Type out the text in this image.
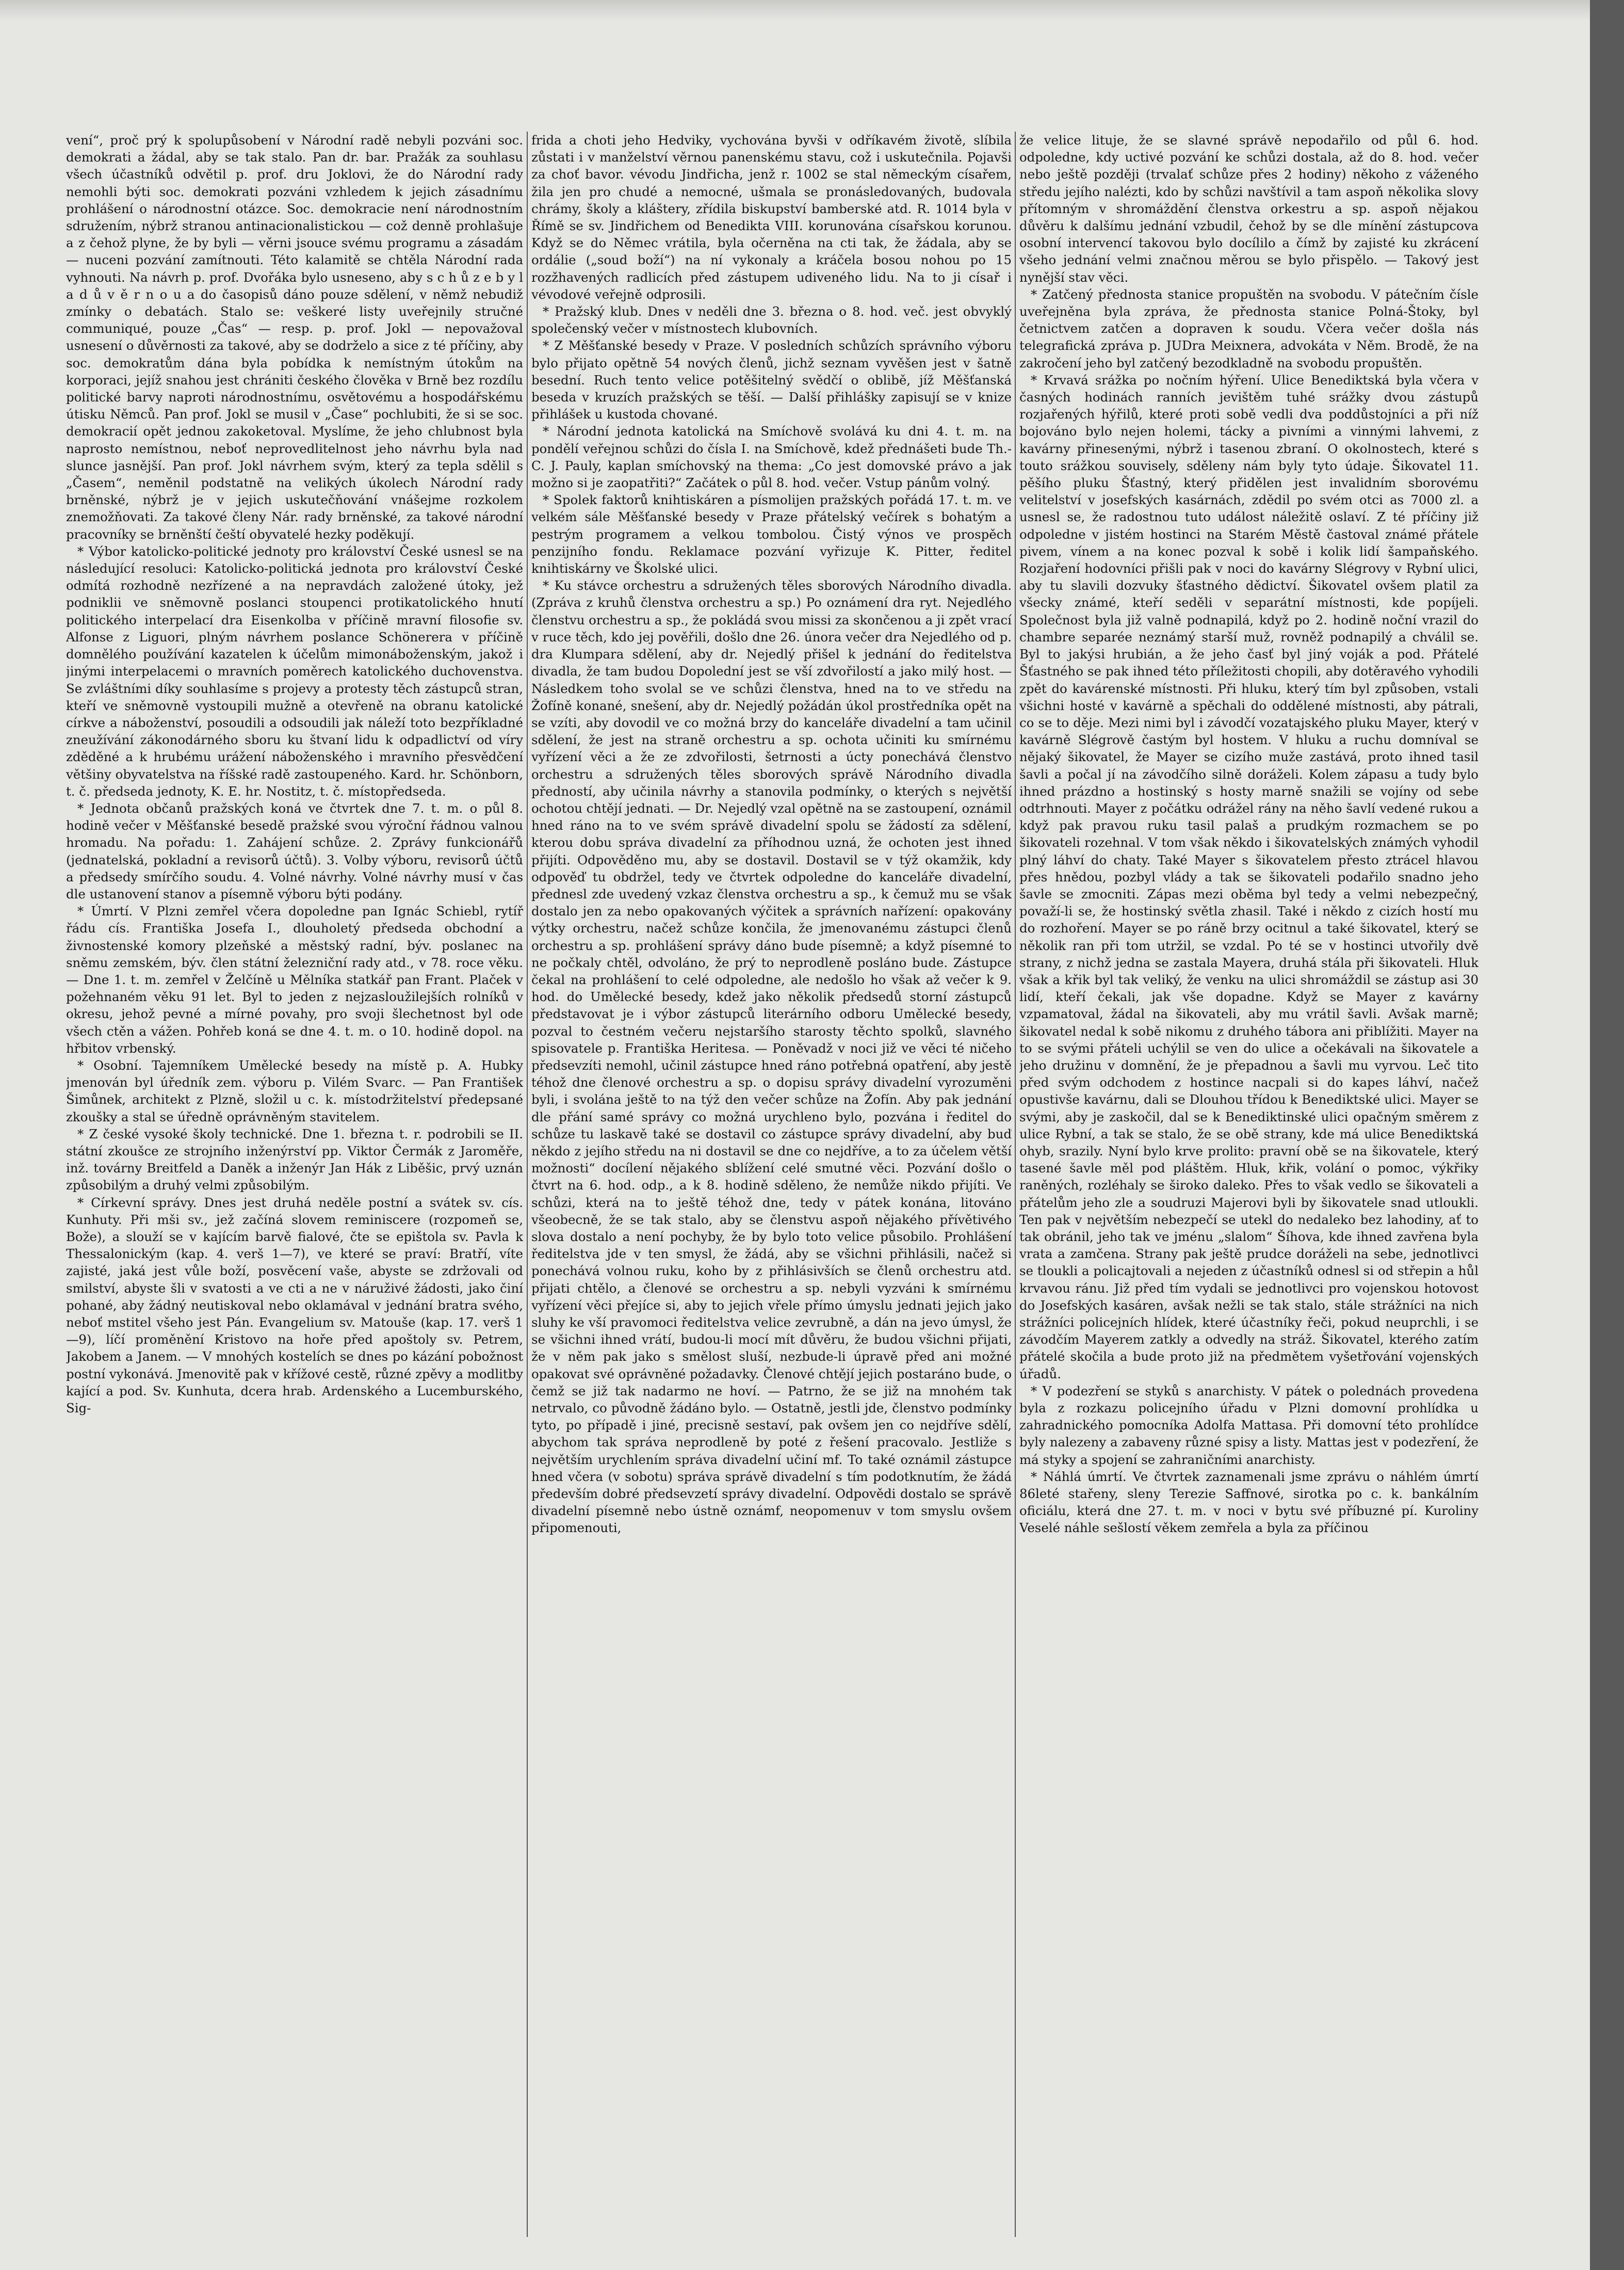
vení“, proč prý k spolupůsobení v Národní radě nebyli pozváni soc. demokrati a žádal, aby se tak stalo. Pan dr. bar. Pražák za souhlasu všech účastníků odvětil p. prof. dru Joklovi, že do Národní rady nemohli býti soc. demokrati pozváni vzhledem k jejich zásadnímu prohlášení o národnostní otázce. Soc. demokracie není národnostním sdružením, nýbrž stranou antinacionalistickou — což denně prohlašuje a z čehož plyne, že by byli — věrni jsouce svému programu a zásadám — nuceni pozvání zamítnouti. Této kalamitě se chtěla Národní rada vyhnouti. Na návrh p. prof. Dvořáka bylo usneseno, aby s c h ů z e b y l a d ů v ě r n o u a do časopisů dáno pouze sdělení, v němž nebudiž zmínky o debatách. Stalo se: veškeré listy uveřejnily stručné communiqué, pouze „Čas“ — resp. p. prof. Jokl — nepovažoval usnesení o důvěrnosti za takové, aby se dodrželo a sice z té příčiny, aby soc. demokratům dána byla pobídka k nemístným útokům na korporaci, jejíž snahou jest chrániti českého člověka v Brně bez rozdílu politické barvy naproti národnostnímu, osvětovému a hospodářskému útisku Němců. Pan prof. Jokl se musil v „Čase“ pochlubiti, že si se soc. demokracií opět jednou zakoketoval. Myslíme, že jeho chlubnost byla naprosto nemístnou, neboť neprovedlitelnost jeho návrhu byla nad slunce jasnější. Pan prof. Jokl návrhem svým, který za tepla sdělil s „Časem“, neměnil podstatně na velikých úkolech Národní rady brněnské, nýbrž je v jejich uskutečňování vnášejme rozkolem znemožňovati. Za takové členy Nár. rady brněnské, za takové národní pracovníky se brněnští čeští obyvatelé hezky poděkují.

* Výbor katolicko-politické jednoty pro království České usnesl se na následující resoluci: Katolicko-politická jednota pro království České odmítá rozhodně nezřízené a na nepravdách založené útoky, jež podniklii ve sněmovně poslanci stoupenci protikatolického hnutí politického interpelací dra Eisenkolba v příčině mravní filosofie sv. Alfonse z Liguori, plným návrhem poslance Schönerera v příčině domnělého používání kazatelen k účelům mimonáboženským, jakož i jinými interpelacemi o mravních poměrech katolického duchovenstva. Se zvláštními díky souhlasíme s projevy a protesty těch zástupců stran, kteří ve sněmovně vystoupili mužně a otevřeně na obranu katolické církve a náboženství, posoudili a odsoudili jak náleží toto bezpříkladné zneužívání zákonodárného sboru ku štvaní lidu k odpadlictví od víry zděděné a k hrubému urážení náboženského i mravního přesvědčení většiny obyvatelstva na říšské radě zastoupeného. Kard. hr. Schönborn, t. č. předseda jednoty, K. E. hr. Nostitz, t. č. místopředseda.

* Jednota občanů pražských koná ve čtvrtek dne 7. t. m. o půl 8. hodině večer v Měšťanské besedě pražské svou výroční řádnou valnou hromadu. Na pořadu: 1. Zahájení schůze. 2. Zprávy funkcionářů (jednatelská, pokladní a revisorů účtů). 3. Volby výboru, revisorů účtů a předsedy smírčího soudu. 4. Volné návrhy. Volné návrhy musí v čas dle ustanovení stanov a písemně výboru býti podány.

* Úmrtí. V Plzni zemřel včera dopoledne pan Ignác Schiebl, rytíř řádu cís. Františka Josefa I., dlouholetý předseda obchodní a živnostenské komory plzeňské a městský radní, býv. poslanec na sněmu zemském, býv. člen státní železniční rady atd., v 78. roce věku. — Dne 1. t. m. zemřel v Želčíně u Mělníka statkář pan Frant. Plaček v požehnaném věku 91 let. Byl to jeden z nejzasloužilejších rolníků v okresu, jehož pevné a mírné povahy, pro svoji šlechetnost byl ode všech ctěn a vážen. Pohřeb koná se dne 4. t. m. o 10. hodině dopol. na hřbitov vrbenský.

* Osobní. Tajemníkem Umělecké besedy na místě p. A. Hubky jmenován byl úředník zem. výboru p. Vilém Svarc. — Pan František Šimůnek, architekt z Plzně, složil u c. k. místodržitelství předepsané zkoušky a stal se úředně oprávněným stavitelem.

* Z české vysoké školy technické. Dne 1. března t. r. podrobili se II. státní zkoušce ze strojního inženýrství pp. Viktor Čermák z Jaroměře, inž. továrny Breitfeld a Daněk a inženýr Jan Hák z Liběšic, prvý uznán způsobilým a druhý velmi způsobilým.

* Církevní správy. Dnes jest druhá neděle postní a svátek sv. cís. Kunhuty. Při mši sv., jež začíná slovem reminiscere (rozpomeň se, Bože), a slouží se v kajícím barvě fialové, čte se epištola sv. Pavla k Thessalonickým (kap. 4. verš 1—7), ve které se praví: Bratří, víte zajisté, jaká jest vůle boží, posvěcení vaše, abyste se zdržovali od smilství, abyste šli v svatosti a ve cti a ne v náruživé žádosti, jako činí pohané, aby žádný neutiskoval nebo oklamával v jednání bratra svého, neboť mstitel všeho jest Pán. Evangelium sv. Matouše (kap. 17. verš 1—9), líčí proměnění Kristovo na hoře před apoštoly sv. Petrem, Jakobem a Janem. — V mnohých kostelích se dnes po kázání pobožnost postní vykonává. Jmenovitě pak v křížové cestě, různé zpěvy a modlitby kající a pod. Sv. Kunhuta, dcera hrab. Ardenského a Lucemburského, Sig-

frida a choti jeho Hedviky, vychována byvši v odříkavém životě, slíbila zůstati i v manželství věrnou panenskému stavu, což i uskutečnila. Pojavši za choť bavor. vévodu Jindřicha, jenž r. 1002 se stal německým císařem, žila jen pro chudé a nemocné, ušmala se pronásledovaných, budovala chrámy, školy a kláštery, zřídila biskupství bamberské atd. R. 1014 byla v Římě se sv. Jindřichem od Benedikta VIII. korunována císařskou korunou. Když se do Němec vrátila, byla očerněna na cti tak, že žádala, aby se ordálie („soud boží“) na ní vykonaly a kráčela bosou nohou po 15 rozžhavených radlicích před zástupem udiveného lidu. Na to ji císař i vévodové veřejně odprosili.

* Pražský klub. Dnes v neděli dne 3. března o 8. hod. več. jest obvyklý společenský večer v místnostech klubovních.

* Z Měšťanské besedy v Praze. V posledních schůzích správního výboru bylo přijato opětně 54 nových členů, jichž seznam vyvěšen jest v šatně besední. Ruch tento velice potěšitelný svědčí o oblibě, jíž Měšťanská beseda v kruzích pražských se těší. — Další přihlášky zapisují se v knize přihlášek u kustoda chované.

* Národní jednota katolická na Smíchově svolává ku dni 4. t. m. na pondělí veřejnou schůzi do čísla I. na Smíchově, kdež přednášeti bude Th.-C. J. Pauly, kaplan smíchovský na thema: „Co jest domovské právo a jak možno si je zaopatřiti?“ Začátek o půl 8. hod. večer. Vstup pánům volný.

* Spolek faktorů knihtiskáren a písmolijen pražských pořádá 17. t. m. ve velkém sále Měšťanské besedy v Praze přátelský večírek s bohatým a pestrým programem a velkou tombolou. Čistý výnos ve prospěch penzijního fondu. Reklamace pozvání vyřizuje K. Pitter, ředitel knihtiskárny ve Školské ulici.

* Ku stávce orchestru a sdružených těles sborových Národního divadla. (Zpráva z kruhů členstva orchestru a sp.) Po oznámení dra ryt. Nejedlého členstvu orchestru a sp., že pokládá svou missi za skončenou a ji zpět vrací v ruce těch, kdo jej pověřili, došlo dne 26. února večer dra Nejedlého od p. dra Klumpara sdělení, aby dr. Nejedlý přišel k jednání do ředitelstva divadla, že tam budou Dopolední jest se vší zdvořilostí a jako milý host. — Následkem toho svolal se ve schůzi členstva, hned na to ve středu na Žofíně konané, snešení, aby dr. Nejedlý požádán úkol prostředníka opět na se vzíti, aby dovodil ve co možná brzy do kanceláře divadelní a tam učinil sdělení, že jest na straně orchestru a sp. ochota učiniti ku smírnému vyřízení věci a že ze zdvořilosti, šetrnosti a úcty ponechává členstvo orchestru a sdružených těles sborových správě Národního divadla předností, aby učinila návrhy a stanovila podmínky, o kterých s největší ochotou chtějí jednati. — Dr. Nejedlý vzal opětně na se zastoupení, oznámil hned ráno na to ve svém správě divadelní spolu se žádostí za sdělení, kterou dobu správa divadelní za příhodnou uzná, že ochoten jest ihned přijíti. Odpověděno mu, aby se dostavil. Dostavil se v týž okamžik, kdy odpověď tu obdržel, tedy ve čtvrtek odpoledne do kanceláře divadelní, přednesl zde uvedený vzkaz členstva orchestru a sp., k čemuž mu se však dostalo jen za nebo opakovaných výčitek a správních nařízení: opakovány výtky orchestru, načež schůze končila, že jmenovanému zástupci členů orchestru a sp. prohlášení správy dáno bude písemně; a když písemné to ne počkaly chtěl, odvoláno, že prý to neprodleně posláno bude. Zástupce čekal na prohlášení to celé odpoledne, ale nedošlo ho však až večer k 9. hod. do Umělecké besedy, kdež jako několik předsedů storní zástupců představovat je i výbor zástupců literárního odboru Umělecké besedy, pozval to čestném večeru nejstaršího starosty těchto spolků, slavného spisovatele p. Františka Heritesa. — Poněvadž v noci již ve věci té ničeho předsevzíti nemohl, učinil zástupce hned ráno potřebná opatření, aby jestě téhož dne členové orchestru a sp. o dopisu správy divadelní vyrozuměni byli, i svolána ještě to na týž den večer schůze na Žofín. Aby pak jednání dle přání samé správy co možná urychleno bylo, pozvána i ředitel do schůze tu laskavě také se dostavil co zástupce správy divadelní, aby buď někdo z jejího středu na ni dostavil se dne co nejdříve, a to za účelem větší možnosti“ docílení nějakého sblížení celé smutné věci. Pozvání došlo o čtvrt na 6. hod. odp., a k 8. hodině sděleno, že nemůže nikdo přijíti. Ve schůzi, která na to ještě téhož dne, tedy v pátek konána, litováno všeobecně, že se tak stalo, aby se členstvu aspoň nějakého přívětivého slova dostalo a není pochyby, že by bylo toto velice působilo. Prohlášení ředitelstva jde v ten smysl, že žádá, aby se všichni přihlásili, načež si ponechává volnou ruku, koho by z přihlásivších se členů orchestru atd. přijati chtělo, a členové se orchestru a sp. nebyli vyzváni k smírnému vyřízení věci přejíce si, aby to jejich vřele přímo úmyslu jednati jejich jako sluhy ke vší pravomoci ředitelstva velice zevrubně, a dán na jevo úmysl, že se všichni ihned vrátí, budou-li mocí mít důvěru, že budou všichni přijati, že v něm pak jako s smělost sluší, nezbude-li úpravě před ani možné opakovat své oprávněné požadavky. Členové chtějí jejich postaráno bude, o čemž se již tak nadarmo ne hoví. — Patrno, že se již na mnohém tak netrvalo, co původně žádáno bylo. — Ostatně, jestli jde, členstvo podmínky tyto, po případě i jiné, precisně sestaví, pak ovšem jen co nejdříve sdělí, abychom tak správa neprodleně by poté z řešení pracovalo. Jestliže s největším urychlením správa divadelní učiní mf. To také oznámil zástupce hned včera (v sobotu) správa správě divadelní s tím podotknutím, že žádá především dobré předsevzetí správy divadelní. Odpovědi dostalo se správě divadelní písemně nebo ústně oznámf, neopomenuv v tom smyslu ovšem připomenouti,

že velice lituje, že se slavné správě nepodařilo od půl 6. hod. odpoledne, kdy uctivé pozvání ke schůzi dostala, až do 8. hod. večer nebo ještě později (trvalať schůze přes 2 hodiny) někoho z váženého středu jejího nalézti, kdo by schůzi navštívil a tam aspoň několika slovy přítomným v shromáždění členstva orkestru a sp. aspoň nějakou důvěru k dalšímu jednání vzbudil, čehož by se dle mínění zástupcova osobní intervencí takovou bylo docílilo a čímž by zajisté ku zkrácení všeho jednání velmi značnou měrou se bylo přispělo. — Takový jest nynější stav věci.

* Zatčený přednosta stanice propuštěn na svobodu. V pátečním čísle uveřejněna byla zpráva, že přednosta stanice Polná-Štoky, byl četnictvem zatčen a dopraven k soudu. Včera večer došla nás telegrafická zpráva p. JUDra Meixnera, advokáta v Něm. Brodě, že na zakročení jeho byl zatčený bezodkladně na svobodu propuštěn.

* Krvavá srážka po nočním hýření. Ulice Benediktská byla včera v časných hodinách ranních jevištěm tuhé srážky dvou zástupů rozjařených hýřilů, které proti sobě vedli dva poddůstojníci a při níž bojováno bylo nejen holemi, tácky a pivními a vinnými lahvemi, z kavárny přinesenými, nýbrž i tasenou zbraní. O okolnostech, které s touto srážkou souvisely, sděleny nám byly tyto údaje. Šikovatel 11. pěšího pluku Šťastný, který přidělen jest invalidním sborovému velitelství v josefských kasárnách, zdědil po svém otci as 7000 zl. a usnesl se, že radostnou tuto událost náležitě oslaví. Z té příčiny již odpoledne v jistém hostinci na Starém Městě častoval známé přátele pivem, vínem a na konec pozval k sobě i kolik lidí šampaňského. Rozjaření hodovníci přišli pak v noci do kavárny Slégrovy v Rybní ulici, aby tu slavili dozvuky šťastného dědictví. Šikovatel ovšem platil za všecky známé, kteří seděli v separátní místnosti, kde popíjeli. Společnost byla již valně podnapilá, když po 2. hodině noční vrazil do chambre separée neznámý starší muž, rovněž podnapilý a chválil se. Byl to jakýsi hrubián, a že jeho časť byl jiný voják a pod. Přátelé Šťastného se pak ihned této příležitosti chopili, aby dotěravého vyhodili zpět do kavárenské místnosti. Při hluku, který tím byl způsoben, vstali všichni hosté v kavárně a spěchali do oddělené místnosti, aby pátrali, co se to děje. Mezi nimi byl i závodčí vozatajského pluku Mayer, který v kavárně Slégrově častým byl hostem. V hluku a ruchu domníval se nějaký šikovatel, že Mayer se cizího muže zastává, proto ihned tasil šavli a počal jí na závodčího silně doráželi. Kolem zápasu a tudy bylo ihned prázdno a hostinský s hosty marně snažili se vojíny od sebe odtrhnouti. Mayer z počátku odrážel rány na něho šavlí vedené rukou a když pak pravou ruku tasil palaš a prudkým rozmachem se po šikovateli rozehnal. V tom však někdo i šikovatelských známých vyhodil plný láhví do chaty. Také Mayer s šikovatelem přesto ztrácel hlavou přes hnědou, pozbyl vlády a tak se šikovateli podařilo snadno jeho šavle se zmocniti. Zápas mezi oběma byl tedy a velmi nebezpečný, považí-li se, že hostinský světla zhasil. Také i někdo z cizích hostí mu do rozhoření. Mayer se po ráně brzy ocitnul a také šikovatel, který se několik ran při tom utržil, se vzdal. Po té se v hostinci utvořily dvě strany, z nichž jedna se zastala Mayera, druhá stála při šikovateli. Hluk však a křik byl tak veliký, že venku na ulici shromáždil se zástup asi 30 lidí, kteří čekali, jak vše dopadne. Když se Mayer z kavárny vzpamatoval, žádal na šikovateli, aby mu vrátil šavli. Avšak marně; šikovatel nedal k sobě nikomu z druhého tábora ani přiblížiti. Mayer na to se svými přáteli uchýlil se ven do ulice a očekávali na šikovatele a jeho družinu v domnění, že je přepadnou a šavli mu vyrvou. Leč tito před svým odchodem z hostince nacpali si do kapes láhví, načež opustivše kavárnu, dali se Dlouhou třídou k Benediktské ulici. Mayer se svými, aby je zaskočil, dal se k Benediktinské ulici opačným směrem z ulice Rybní, a tak se stalo, že se obě strany, kde má ulice Benediktská ohyb, srazily. Nyní bylo krve prolito: pravní obě se na šikovatele, který tasené šavle měl pod pláštěm. Hluk, křik, volání o pomoc, výkřiky raněných, rozléhaly se široko daleko. Přes to však vedlo se šikovateli a přátelům jeho zle a soudruzi Majerovi byli by šikovatele snad utloukli. Ten pak v největším nebezpečí se utekl do nedaleko bez lahodiny, ať to tak obránil, jeho tak ve jménu „slalom“ Šíhova, kde ihned zavřena byla vrata a zamčena. Strany pak ještě prudce doráželi na sebe, jednotlivci se tloukli a policajtovali a nejeden z účastníků odnesl si od střepin a hůl krvavou ránu. Již před tím vydali se jednotlivci pro vojenskou hotovost do Josefských kasáren, avšak nežli se tak stalo, stále strážníci na nich strážníci policejních hlídek, které účastníky řeči, pokud neuprchli, i se závodčím Mayerem zatkly a odvedly na stráž. Šikovatel, kterého zatím přátelé skočila a bude proto již na předmětem vyšetřování vojenských úřadů.

* V podezření se styků s anarchisty. V pátek o polednách provedena byla z rozkazu policejního úřadu v Plzni domovní prohlídka u zahradnického pomocníka Adolfa Mattasa. Při domovní této prohlídce byly nalezeny a zabaveny různé spisy a listy. Mattas jest v podezření, že má styky a spojení se zahraničními anarchisty.

* Náhlá úmrtí. Ve čtvrtek zaznamenali jsme zprávu o náhlém úmrtí 86leté stařeny, sleny Terezie Saffnové, sirotka po c. k. bankálním oficiálu, která dne 27. t. m. v noci v bytu své příbuzné pí. Kuroliny Veselé náhle sešlostí věkem zemřela a byla za příčinou
